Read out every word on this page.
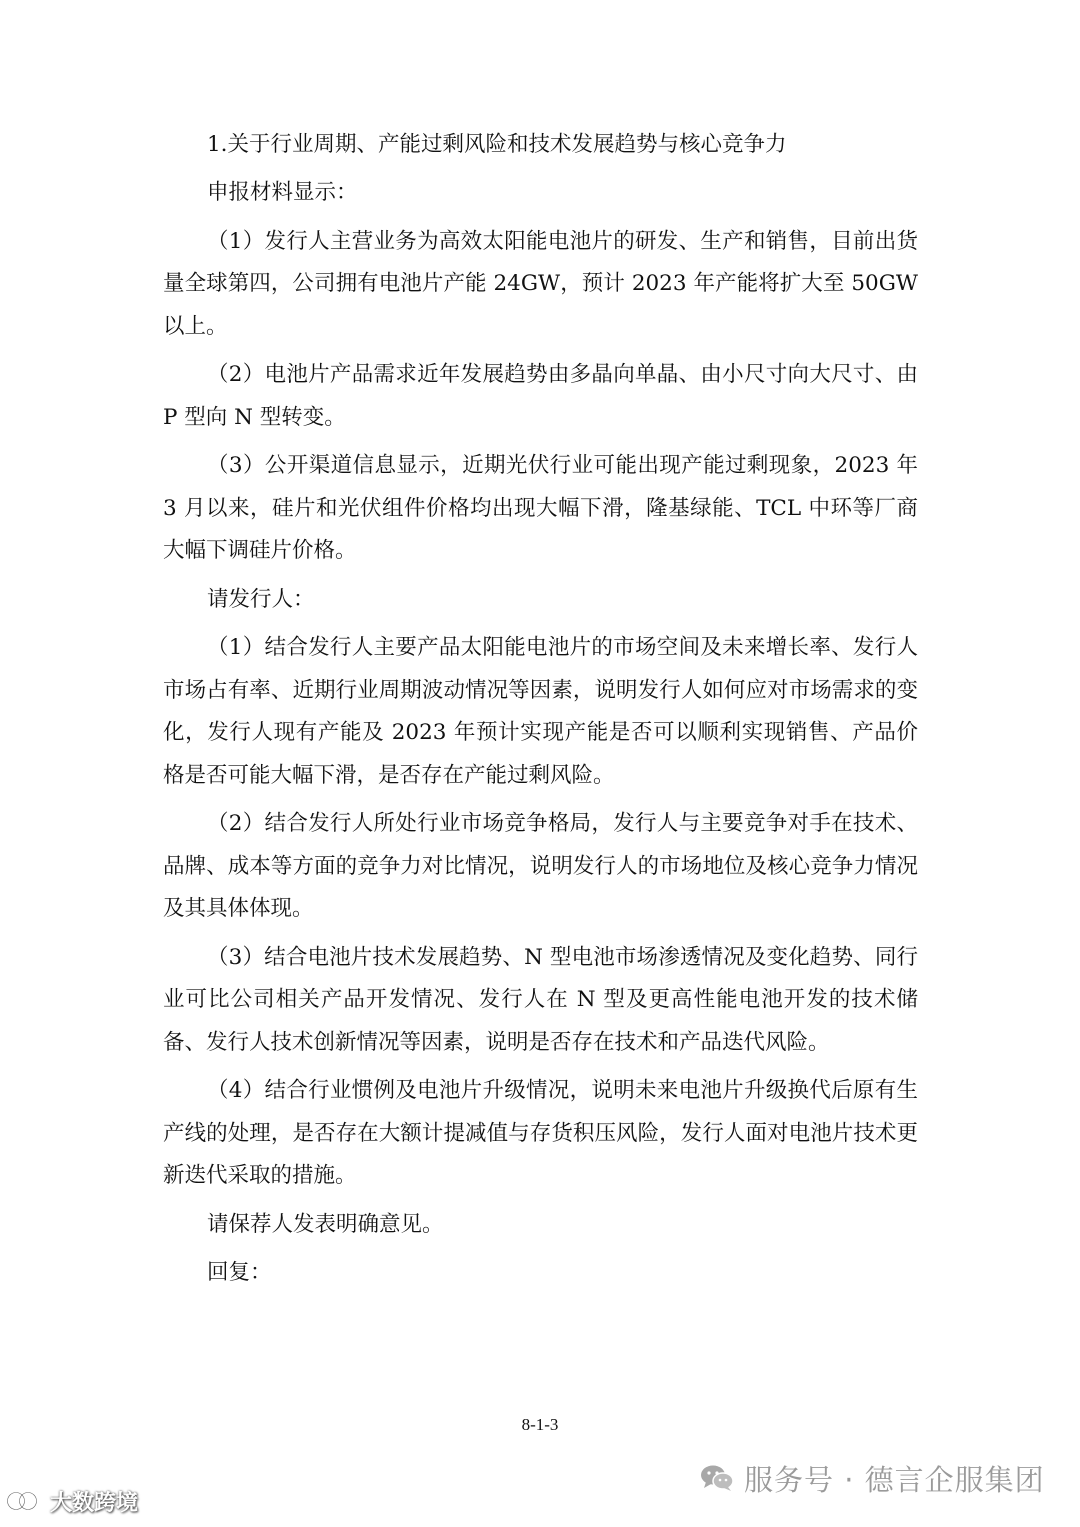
1.关于行业周期、产能过剩风险和技术发展趋势与核心竞争力

申报材料显示：

（1）发行人主营业务为高效太阳能电池片的研发、生产和销售，目前出货量全球第四，公司拥有电池片产能 24GW，预计 2023 年产能将扩大至 50GW 以上。

（2）电池片产品需求近年发展趋势由多晶向单晶、由小尺寸向大尺寸、由 P 型向 N 型转变。

（3）公开渠道信息显示，近期光伏行业可能出现产能过剩现象，2023 年 3 月以来，硅片和光伏组件价格均出现大幅下滑，隆基绿能、TCL 中环等厂商大幅下调硅片价格。

请发行人：

（1）结合发行人主要产品太阳能电池片的市场空间及未来增长率、发行人市场占有率、近期行业周期波动情况等因素，说明发行人如何应对市场需求的变化，发行人现有产能及 2023 年预计实现产能是否可以顺利实现销售、产品价格是否可能大幅下滑，是否存在产能过剩风险。

（2）结合发行人所处行业市场竞争格局，发行人与主要竞争对手在技术、品牌、成本等方面的竞争力对比情况，说明发行人的市场地位及核心竞争力情况及其具体体现。

（3）结合电池片技术发展趋势、N 型电池市场渗透情况及变化趋势、同行业可比公司相关产品开发情况、发行人在 N 型及更高性能电池开发的技术储备、发行人技术创新情况等因素，说明是否存在技术和产品迭代风险。

（4）结合行业惯例及电池片升级情况，说明未来电池片升级换代后原有生产线的处理，是否存在大额计提减值与存货积压风险，发行人面对电池片技术更新迭代采取的措施。

请保荐人发表明确意见。

回复：

8-1-3
服务号 · 德言企服集团
大数跨境
